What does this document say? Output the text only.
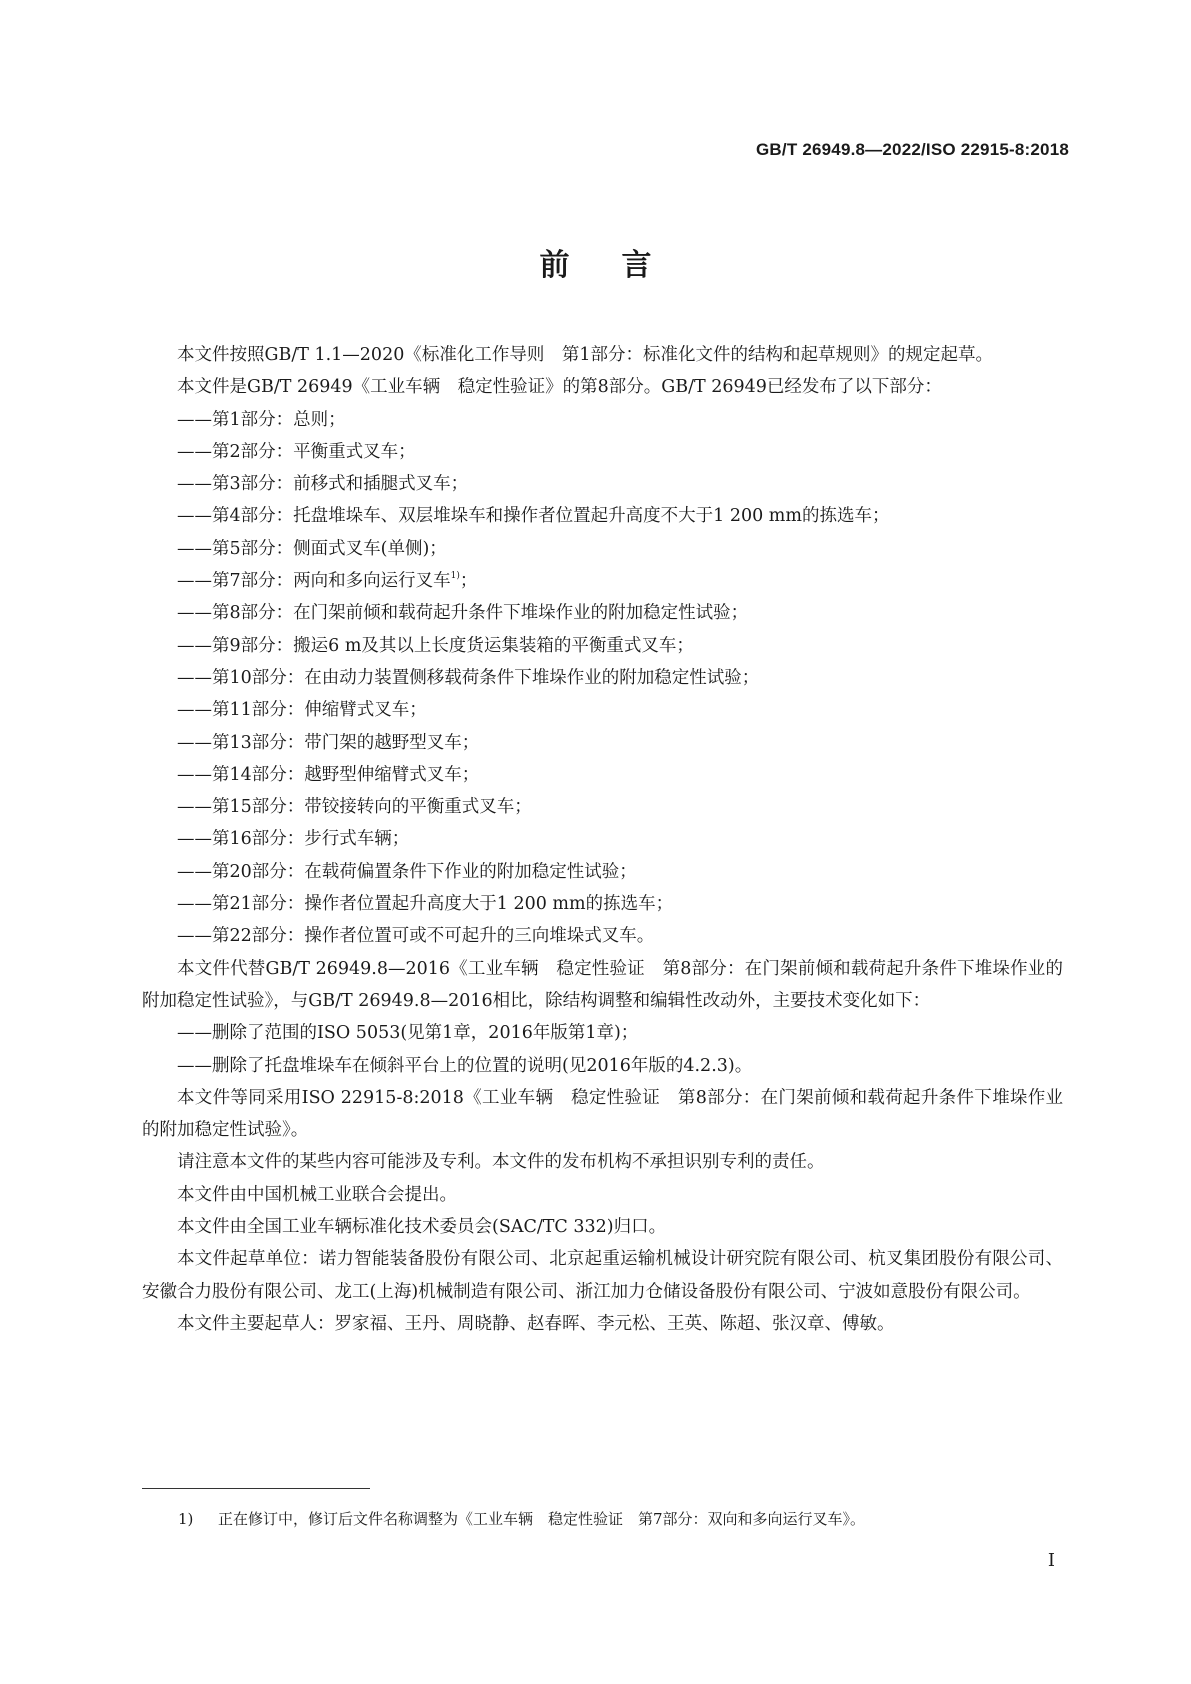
GB/T 26949.8—2022/ISO 22915-8:2018
前言

本文件按照GB/T 1.1—2020《标准化工作导则　第1部分：标准化文件的结构和起草规则》的规定起草。

本文件是GB/T 26949《工业车辆　稳定性验证》的第8部分。GB/T 26949已经发布了以下部分：

——第1部分：总则；

——第2部分：平衡重式叉车；

——第3部分：前移式和插腿式叉车；

——第4部分：托盘堆垛车、双层堆垛车和操作者位置起升高度不大于1 200 mm的拣选车；

——第5部分：侧面式叉车(单侧)；

——第7部分：两向和多向运行叉车$^{1)}$；

——第8部分：在门架前倾和载荷起升条件下堆垛作业的附加稳定性试验；

——第9部分：搬运6 m及其以上长度货运集装箱的平衡重式叉车；

——第10部分：在由动力装置侧移载荷条件下堆垛作业的附加稳定性试验；

——第11部分：伸缩臂式叉车；

——第13部分：带门架的越野型叉车；

——第14部分：越野型伸缩臂式叉车；

——第15部分：带铰接转向的平衡重式叉车；

——第16部分：步行式车辆；

——第20部分：在载荷偏置条件下作业的附加稳定性试验；

——第21部分：操作者位置起升高度大于1 200 mm的拣选车；

——第22部分：操作者位置可或不可起升的三向堆垛式叉车。

本文件代替GB/T 26949.8—2016《工业车辆　稳定性验证　第8部分：在门架前倾和载荷起升条件下堆垛作业的附加稳定性试验》，与GB/T 26949.8—2016相比，除结构调整和编辑性改动外，主要技术变化如下：

——删除了范围的ISO 5053(见第1章，2016年版第1章)；

——删除了托盘堆垛车在倾斜平台上的位置的说明(见2016年版的4.2.3)。

本文件等同采用ISO 22915-8:2018《工业车辆　稳定性验证　第8部分：在门架前倾和载荷起升条件下堆垛作业的附加稳定性试验》。

请注意本文件的某些内容可能涉及专利。本文件的发布机构不承担识别专利的责任。

本文件由中国机械工业联合会提出。

本文件由全国工业车辆标准化技术委员会(SAC/TC 332)归口。

本文件起草单位：诺力智能装备股份有限公司、北京起重运输机械设计研究院有限公司、杭叉集团股份有限公司、安徽合力股份有限公司、龙工(上海)机械制造有限公司、浙江加力仓储设备股份有限公司、宁波如意股份有限公司。

本文件主要起草人：罗家福、王丹、周晓静、赵春晖、李元松、王英、陈超、张汉章、傅敏。

1) 正在修订中，修订后文件名称调整为《工业车辆　稳定性验证　第7部分：双向和多向运行叉车》。
I
